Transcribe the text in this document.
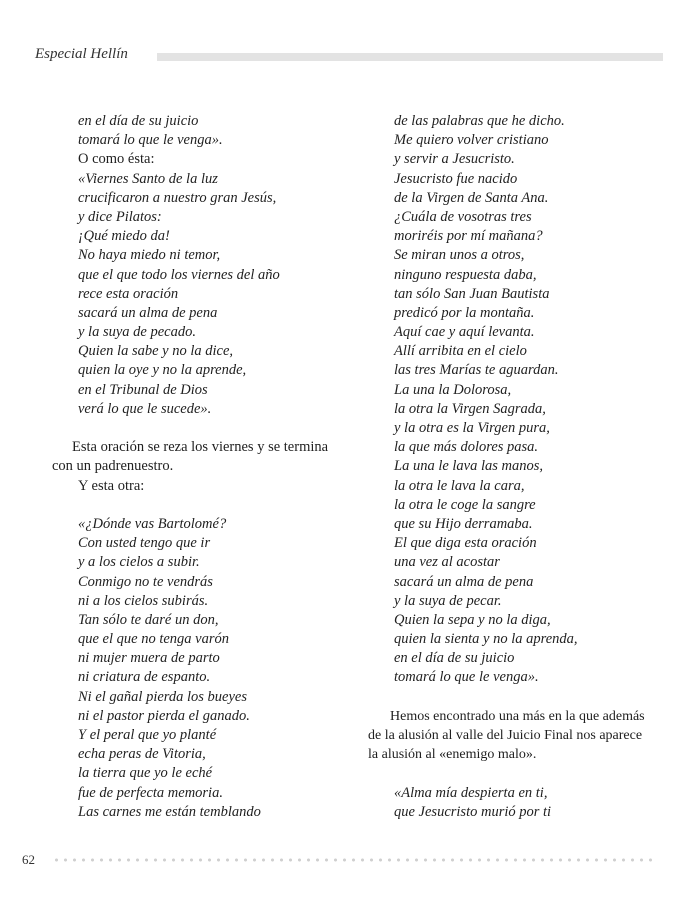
Especial Hellín
en el día de su juicio
tomará lo que le venga».
O como ésta:
«Viernes Santo de la luz
crucificaron a nuestro gran Jesús,
y dice Pilatos:
¡Qué miedo da!
No haya miedo ni temor,
que el que todo los viernes del año
rece esta oración
sacará un alma de pena
y la suya de pecado.
Quien la sabe y no la dice,
quien la oye y no la aprende,
en el Tribunal de Dios
verá lo que le sucede».
Esta oración se reza los viernes y se termina
con un padrenuestro.
Y esta otra:
«¿Dónde vas Bartolomé?
Con usted tengo que ir
y a los cielos a subir.
Conmigo no te vendrás
ni a los cielos subirás.
Tan sólo te daré un don,
que el que no tenga varón
ni mujer muera de parto
ni criatura de espanto.
Ni el gañal pierda los bueyes
ni el pastor pierda el ganado.
Y el peral que yo planté
echa peras de Vitoria,
la tierra que yo le eché
fue de perfecta memoria.
Las carnes me están temblando
de las palabras que he dicho.
Me quiero volver cristiano
y servir a Jesucristo.
Jesucristo fue nacido
de la Virgen de Santa Ana.
¿Cuála de vosotras tres
moriréis por mí mañana?
Se miran unos a otros,
ninguno respuesta daba,
tan sólo San Juan Bautista
predicó por la montaña.
Aquí cae y aquí levanta.
Allí arribita en el cielo
las tres Marías te aguardan.
La una la Dolorosa,
la otra la Virgen Sagrada,
y la otra es la Virgen pura,
la que más dolores pasa.
La una le lava las manos,
la otra le lava la cara,
la otra le coge la sangre
que su Hijo derramaba.
El que diga esta oración
una vez al acostar
sacará un alma de pena
y la suya de pecar.
Quien la sepa y no la diga,
quien la sienta y no la aprenda,
en el día de su juicio
tomará lo que le venga».
Hemos encontrado una más en la que además
de la alusión al valle del Juicio Final nos aparece
la alusión al «enemigo malo».
«Alma mía despierta en ti,
que Jesucristo murió por ti
62
